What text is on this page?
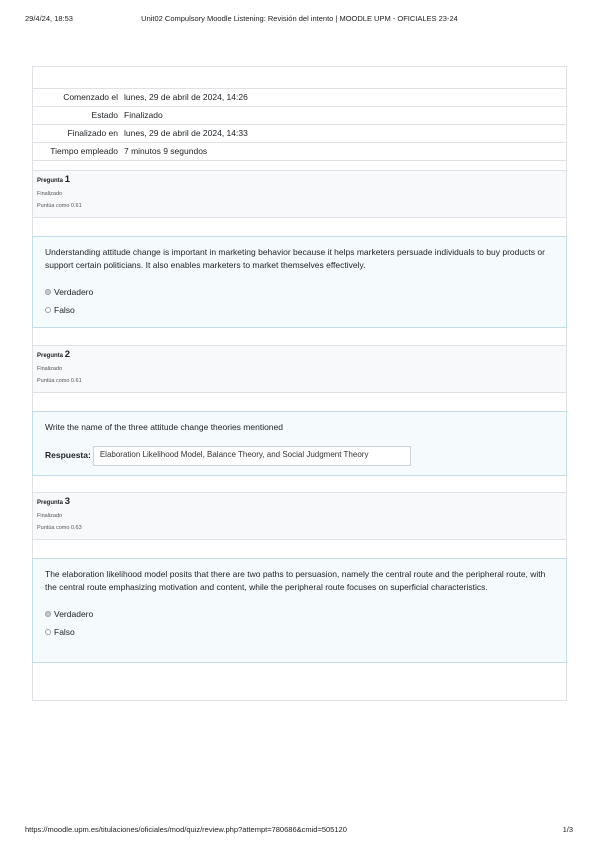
29/4/24, 18:53	Unit02 Compulsory Moodle Listening: Revisión del intento | MOODLE UPM - OFICIALES 23-24
Comenzado el	lunes, 29 de abril de 2024, 14:26
Estado	Finalizado
Finalizado en	lunes, 29 de abril de 2024, 14:33
Tiempo empleado	7 minutos 9 segundos
Pregunta 1
Finalizado
Puntúa como 0.61

Understanding attitude change is important in marketing behavior because it helps marketers persuade individuals to buy products or support certain politicians. It also enables marketers to market themselves effectively.

Verdadero
Falso
Pregunta 2
Finalizado
Puntúa como 0.61

Write the name of the three attitude change theories mentioned

Respuesta:	Elaboration Likelihood Model, Balance Theory, and Social Judgment Theory
Pregunta 3
Finalizado
Puntúa como 0.63

The elaboration likelihood model posits that there are two paths to persuasion, namely the central route and the peripheral route, with the central route emphasizing motivation and content, while the peripheral route focuses on superficial characteristics.

Verdadero
Falso
https://moodle.upm.es/titulaciones/oficiales/mod/quiz/review.php?attempt=780686&cmid=505120	1/3
